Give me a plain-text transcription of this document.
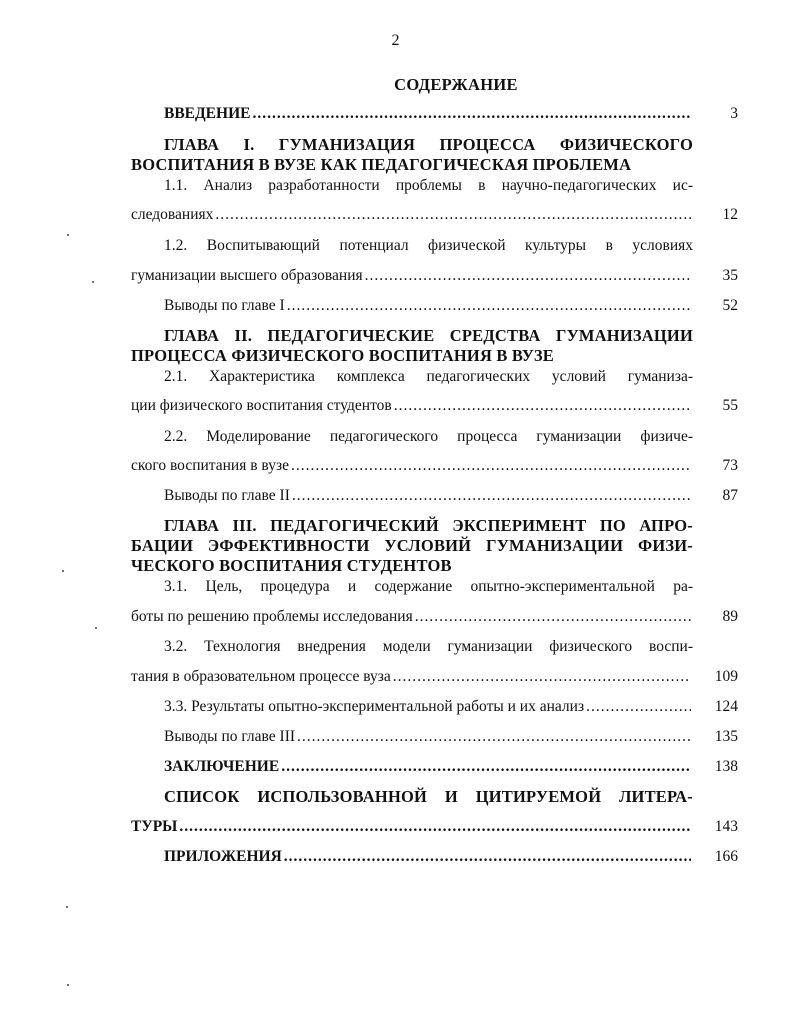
2
СОДЕРЖАНИЕ
ВВЕДЕНИЕ .....	3
ГЛАВА I. ГУМАНИЗАЦИЯ ПРОЦЕССА ФИЗИЧЕСКОГО
ВОСПИТАНИЯ В ВУЗЕ КАК ПЕДАГОГИЧЕСКАЯ ПРОБЛЕМА
1.1. Анализ разработанности проблемы в научно-педагогических ис-
следованиях .....	12
1.2. Воспитывающий потенциал физической культуры в условиях
гуманизации высшего образования .....	35
Выводы по главе I .....	52
ГЛАВА II. ПЕДАГОГИЧЕСКИЕ СРЕДСТВА ГУМАНИЗАЦИИ
ПРОЦЕССА ФИЗИЧЕСКОГО ВОСПИТАНИЯ В ВУЗЕ
2.1. Характеристика комплекса педагогических условий гуманиза-
ции физического воспитания студентов .....	55
2.2. Моделирование педагогического процесса гуманизации физиче-
ского воспитания в вузе .....	73
Выводы по главе II .....	87
ГЛАВА III. ПЕДАГОГИЧЕСКИЙ ЭКСПЕРИМЕНТ ПО АПРО-
БАЦИИ ЭФФЕКТИВНОСТИ УСЛОВИЙ ГУМАНИЗАЦИИ ФИЗИ-
ЧЕСКОГО ВОСПИТАНИЯ СТУДЕНТОВ
3.1. Цель, процедура и содержание опытно-экспериментальной ра-
боты по решению проблемы исследования .....	89
3.2. Технология внедрения модели гуманизации физического воспи-
тания в образовательном процессе вуза .....	109
3.3. Результаты опытно-экспериментальной работы и их анализ .....	124
Выводы по главе III .....	135
ЗАКЛЮЧЕНИЕ .....	138
СПИСОК ИСПОЛЬЗОВАННОЙ И ЦИТИРУЕМОЙ ЛИТЕРА-
ТУРЫ .....	143
ПРИЛОЖЕНИЯ .....	166
